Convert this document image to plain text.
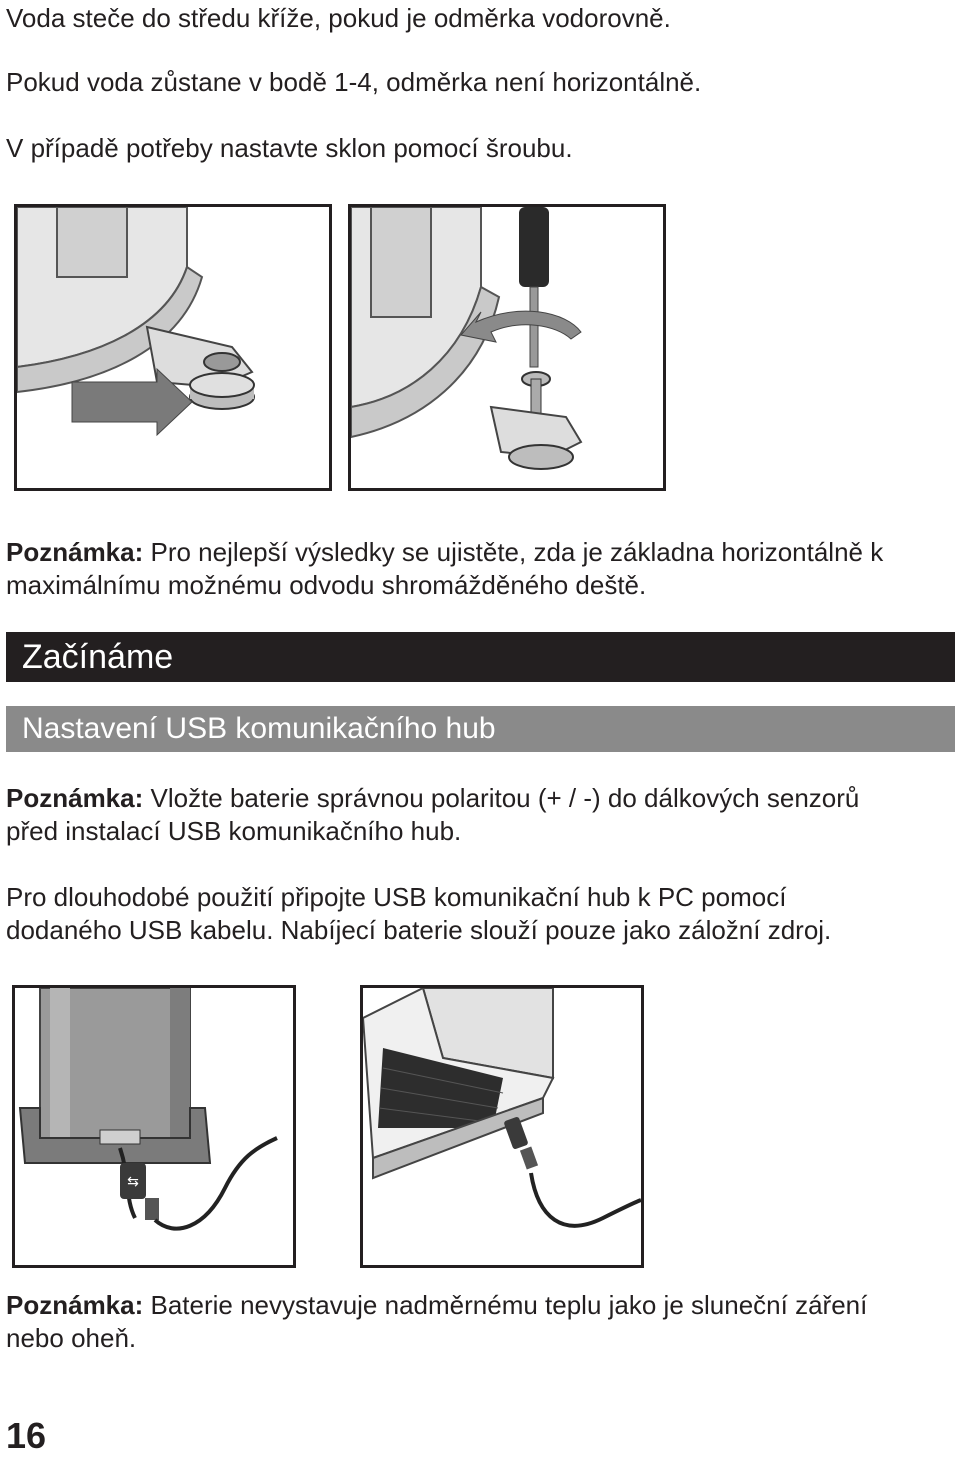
Voda steče do středu kříže, pokud je odměrka vodorovně.

Pokud voda zůstane v bodě 1-4, odměrka není horizontálně.

V případě potřeby nastavte sklon pomocí šroubu.

Poznámka: Pro nejlepší výsledky se ujistěte, zda je základna horizontálně k

maximálnímu možnému odvodu shromážděného deště.

Začínáme
Nastavení USB komunikačního hub

Poznámka: Vložte baterie správnou polaritou (+ / -) do dálkových senzorů

před instalací USB komunikačního hub.

Pro dlouhodobé použití připojte USB komunikační hub k PC pomocí

dodaného USB kabelu. Nabíjecí baterie slouží pouze jako záložní zdroj.

⇆

Poznámka: Baterie nevystavuje nadměrnému teplu jako je sluneční záření

nebo oheň.

16
